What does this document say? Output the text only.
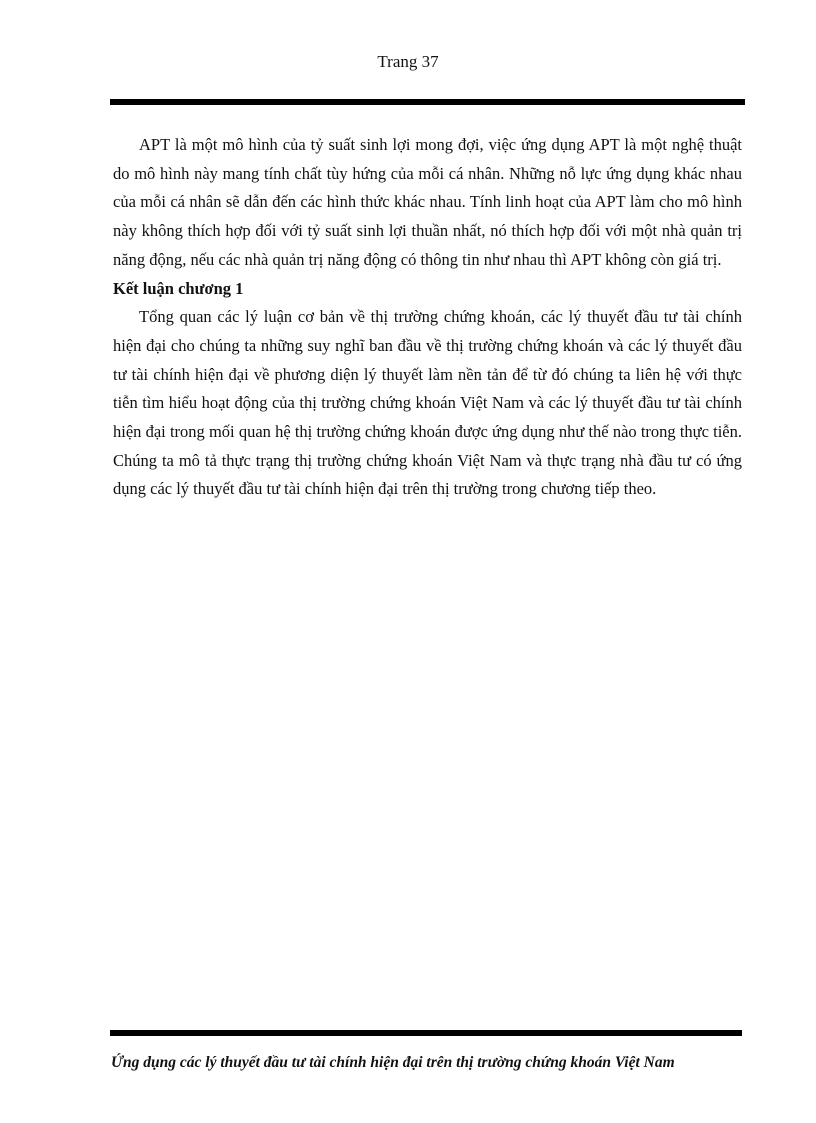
Trang 37

APT là một mô hình của tỷ suất sinh lợi mong đợi, việc ứng dụng APT là một nghệ thuật do mô hình này mang tính chất tùy hứng của mỗi cá nhân. Những nỗ lực ứng dụng khác nhau của mỗi cá nhân sẽ dẫn đến các hình thức khác nhau. Tính linh hoạt của APT làm cho mô hình này không thích hợp đối với tỷ suất sinh lợi thuần nhất, nó thích hợp đối với một nhà quản trị năng động, nếu các nhà quản trị năng động có thông tin như nhau thì APT không còn giá trị.

Kết luận chương 1

Tổng quan các lý luận cơ bản về thị trường chứng khoán, các lý thuyết đầu tư tài chính hiện đại cho chúng ta những suy nghĩ ban đầu về thị trường chứng khoán và các lý thuyết đầu tư tài chính hiện đại về phương diện lý thuyết làm nền tản để từ đó chúng ta liên hệ với thực tiễn tìm hiểu hoạt động của thị trường chứng khoán Việt Nam và các lý thuyết đầu tư tài chính hiện đại trong mối quan hệ thị trường chứng khoán được ứng dụng như thế nào trong thực tiễn. Chúng ta mô tả thực trạng thị trường chứng khoán Việt Nam và thực trạng nhà đầu tư có ứng dụng các lý thuyết đầu tư tài chính hiện đại trên thị trường trong chương tiếp theo.

Ứng dụng các lý thuyết đầu tư tài chính hiện đại trên thị trường chứng khoán Việt Nam
